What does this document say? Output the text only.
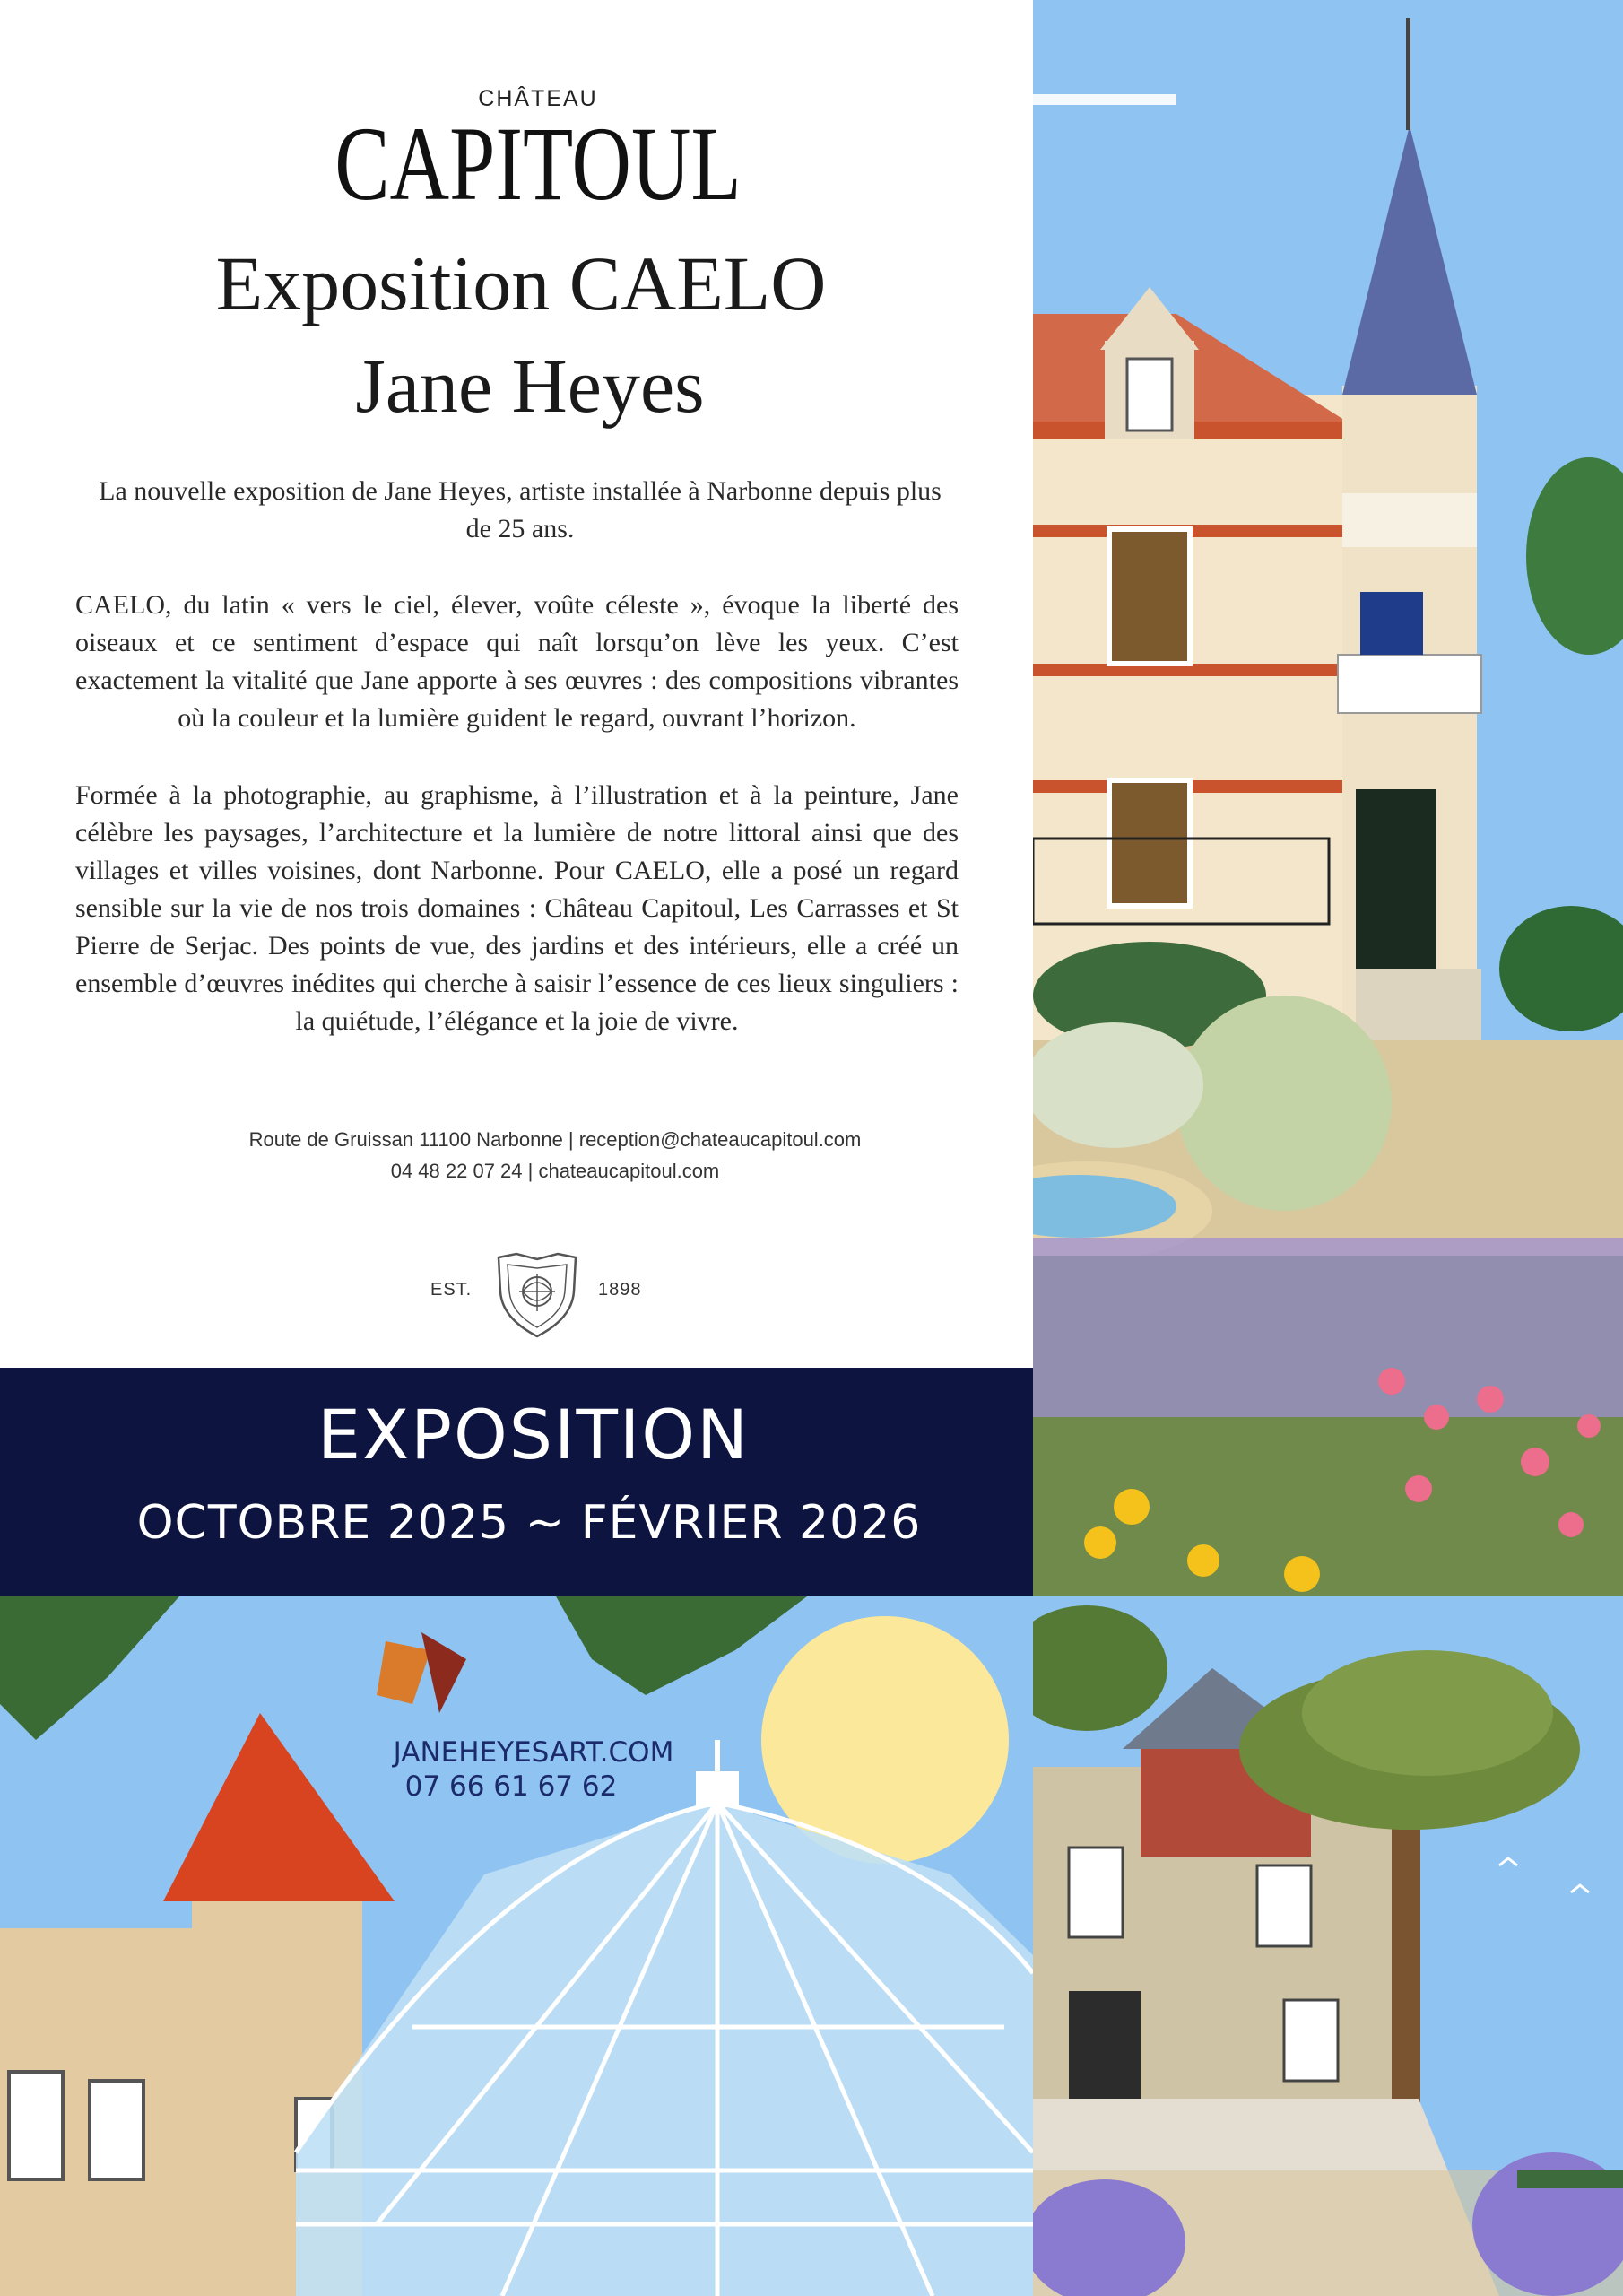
CHÂTEAU
CAPITOUL
Exposition CAELO
Jane Heyes
La nouvelle exposition de Jane Heyes, artiste installée à Narbonne depuis plus de 25 ans.
CAELO, du latin « vers le ciel, élever, voûte céleste », évoque la liberté des oiseaux et ce sentiment d’espace qui naît lorsqu’on lève les yeux. C’est exactement la vitalité que Jane apporte à ses œuvres : des compositions vibrantes où la couleur et la lumière guident le regard, ouvrant l’horizon.
Formée à la photographie, au graphisme, à l’illustration et à la peinture, Jane célèbre les paysages, l’architecture et la lumière de notre littoral ainsi que des villages et villes voisines, dont Narbonne. Pour CAELO, elle a posé un regard sensible sur la vie de nos trois domaines : Château Capitoul, Les Carrasses et St Pierre de Serjac. Des points de vue, des jardins et des intérieurs, elle a créé un ensemble d’œuvres inédites qui cherche à saisir l’essence de ces lieux singuliers : la quiétude, l’élégance et la joie de vivre.
Route de Gruissan 11100 Narbonne | reception@chateaucapitoul.com
04 48 22 07 24 | chateaucapitoul.com
EST.	1898
EXPOSITION
OCTOBRE 2025 ~ FÉVRIER 2026
JANEHEYESART.COM
07 66 61 67 62
